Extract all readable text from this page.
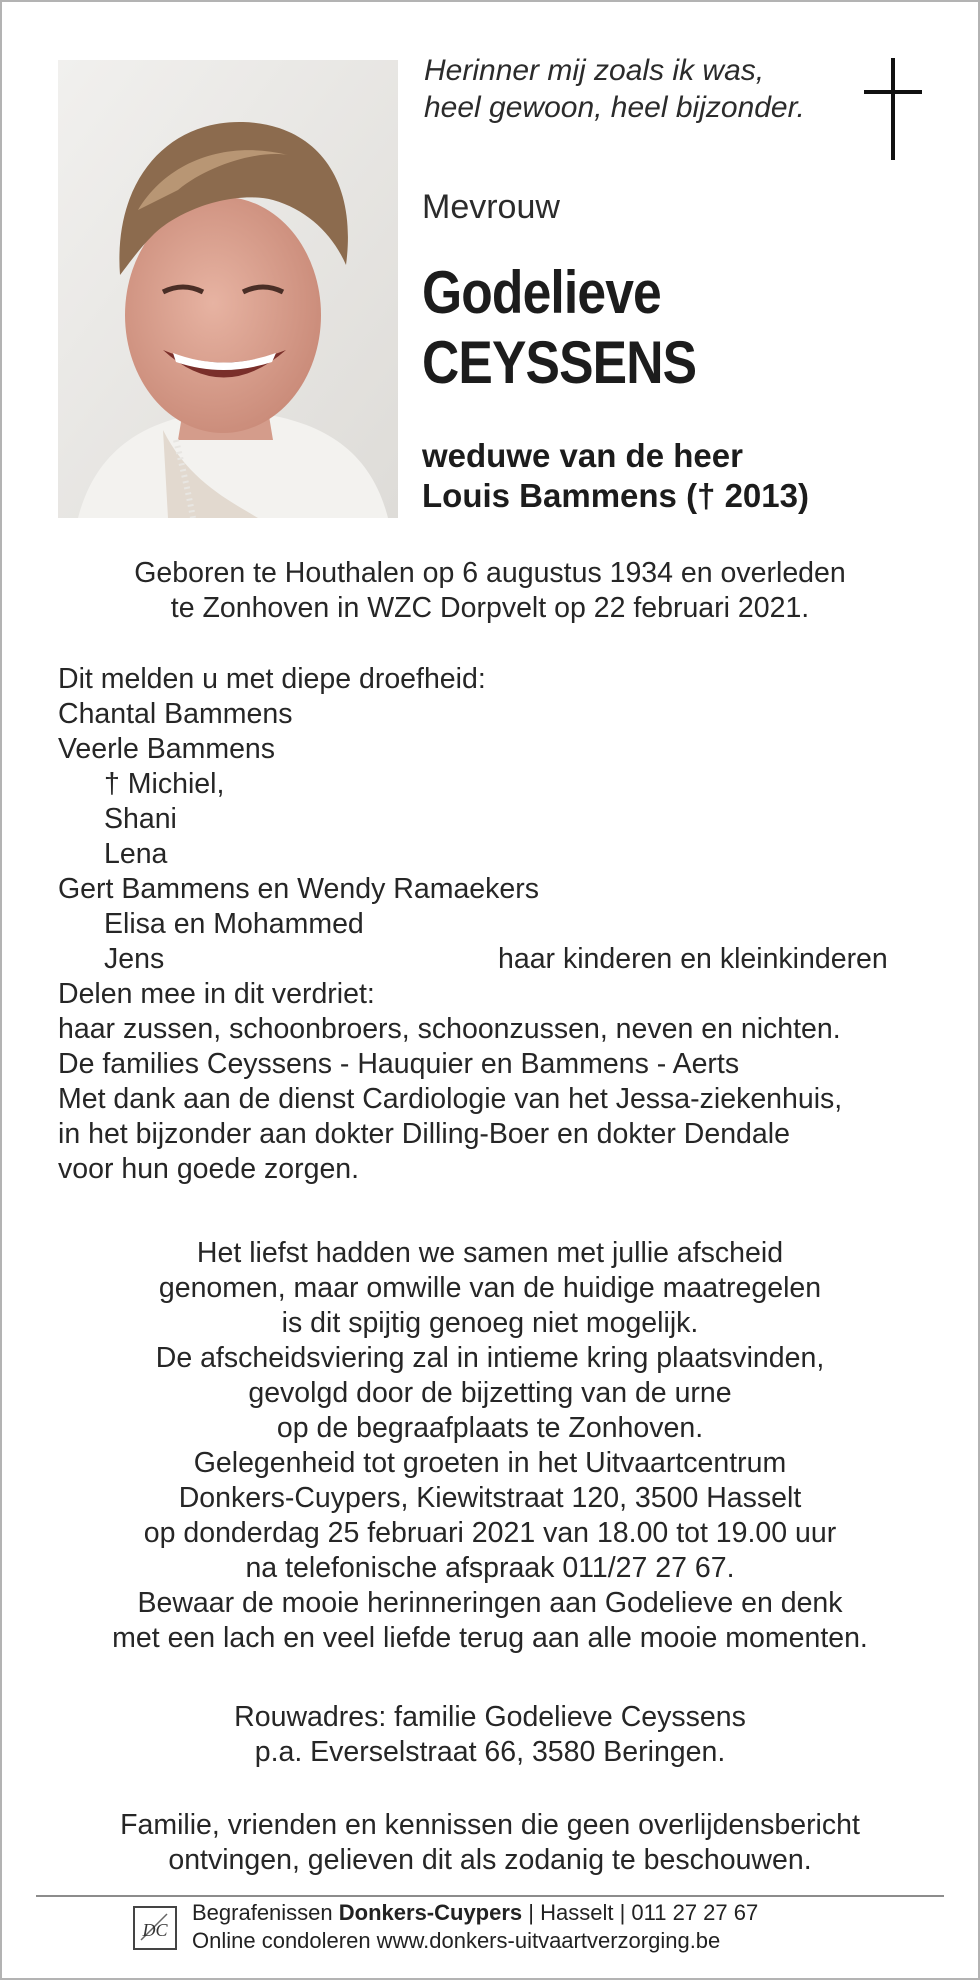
Herinner mij zoals ik was,
heel gewoon, heel bijzonder.
Mevrouw
Godelieve
CEYSSENS
weduwe van de heer
Louis Bammens († 2013)
Geboren te Houthalen op 6 augustus 1934 en overleden
te Zonhoven in WZC Dorpvelt op 22 februari 2021.
Dit melden u met diepe droefheid:
Chantal Bammens
Veerle Bammens
† Michiel,
Shani
Lena
Gert Bammens en Wendy Ramaekers
Elisa en Mohammed
Jens	haar kinderen en kleinkinderen
Delen mee in dit verdriet:
haar zussen, schoonbroers, schoonzussen, neven en nichten.
De families Ceyssens - Hauquier en Bammens - Aerts
Met dank aan de dienst Cardiologie van het Jessa-ziekenhuis,
in het bijzonder aan dokter Dilling-Boer en dokter Dendale
voor hun goede zorgen.
Het liefst hadden we samen met jullie afscheid
genomen, maar omwille van de huidige maatregelen
is dit spijtig genoeg niet mogelijk.
De afscheidsviering zal in intieme kring plaatsvinden,
gevolgd door de bijzetting van de urne
op de begraafplaats te Zonhoven.
Gelegenheid tot groeten in het Uitvaartcentrum
Donkers-Cuypers, Kiewitstraat 120, 3500 Hasselt
op donderdag 25 februari 2021 van 18.00 tot 19.00 uur
na telefonische afspraak 011/27 27 67.
Bewaar de mooie herinneringen aan Godelieve en denk
met een lach en veel liefde terug aan alle mooie momenten.
Rouwadres: familie Godelieve Ceyssens
p.a. Everselstraat 66, 3580 Beringen.
Familie, vrienden en kennissen die geen overlijdensbericht
ontvingen, gelieven dit als zodanig te beschouwen.
DC
Begrafenissen Donkers-Cuypers | Hasselt | 011 27 27 67
Online condoleren www.donkers-uitvaartverzorging.be
